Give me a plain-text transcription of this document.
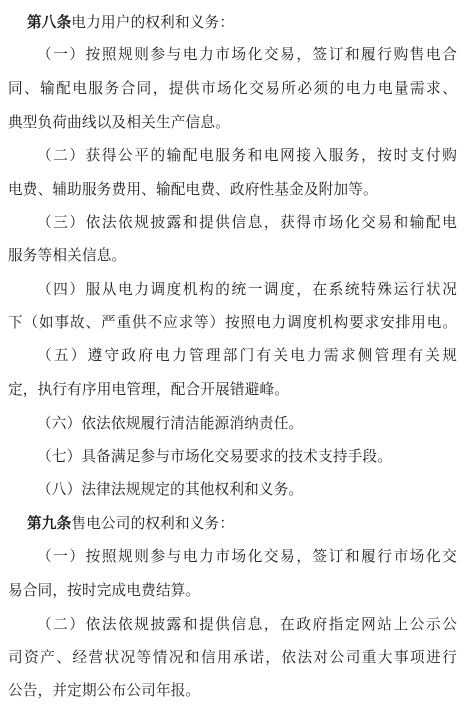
第八条电力用户的权利和义务：
（一）按照规则参与电力市场化交易，签订和履行购售电合
同、输配电服务合同，提供市场化交易所必须的电力电量需求、
典型负荷曲线以及相关生产信息。
（二）获得公平的输配电服务和电网接入服务，按时支付购
电费、辅助服务费用、输配电费、政府性基金及附加等。
（三）依法依规披露和提供信息，获得市场化交易和输配电
服务等相关信息。
（四）服从电力调度机构的统一调度，在系统特殊运行状况
下（如事故、严重供不应求等）按照电力调度机构要求安排用电。
（五）遵守政府电力管理部门有关电力需求侧管理有关规
定，执行有序用电管理，配合开展错避峰。
（六）依法依规履行清洁能源消纳责任。
（七）具备满足参与市场化交易要求的技术支持手段。
（八）法律法规规定的其他权利和义务。
第九条售电公司的权利和义务：
（一）按照规则参与电力市场化交易，签订和履行市场化交
易合同，按时完成电费结算。
（二）依法依规披露和提供信息，在政府指定网站上公示公
司资产、经营状况等情况和信用承诺，依法对公司重大事项进行
公告，并定期公布公司年报。
